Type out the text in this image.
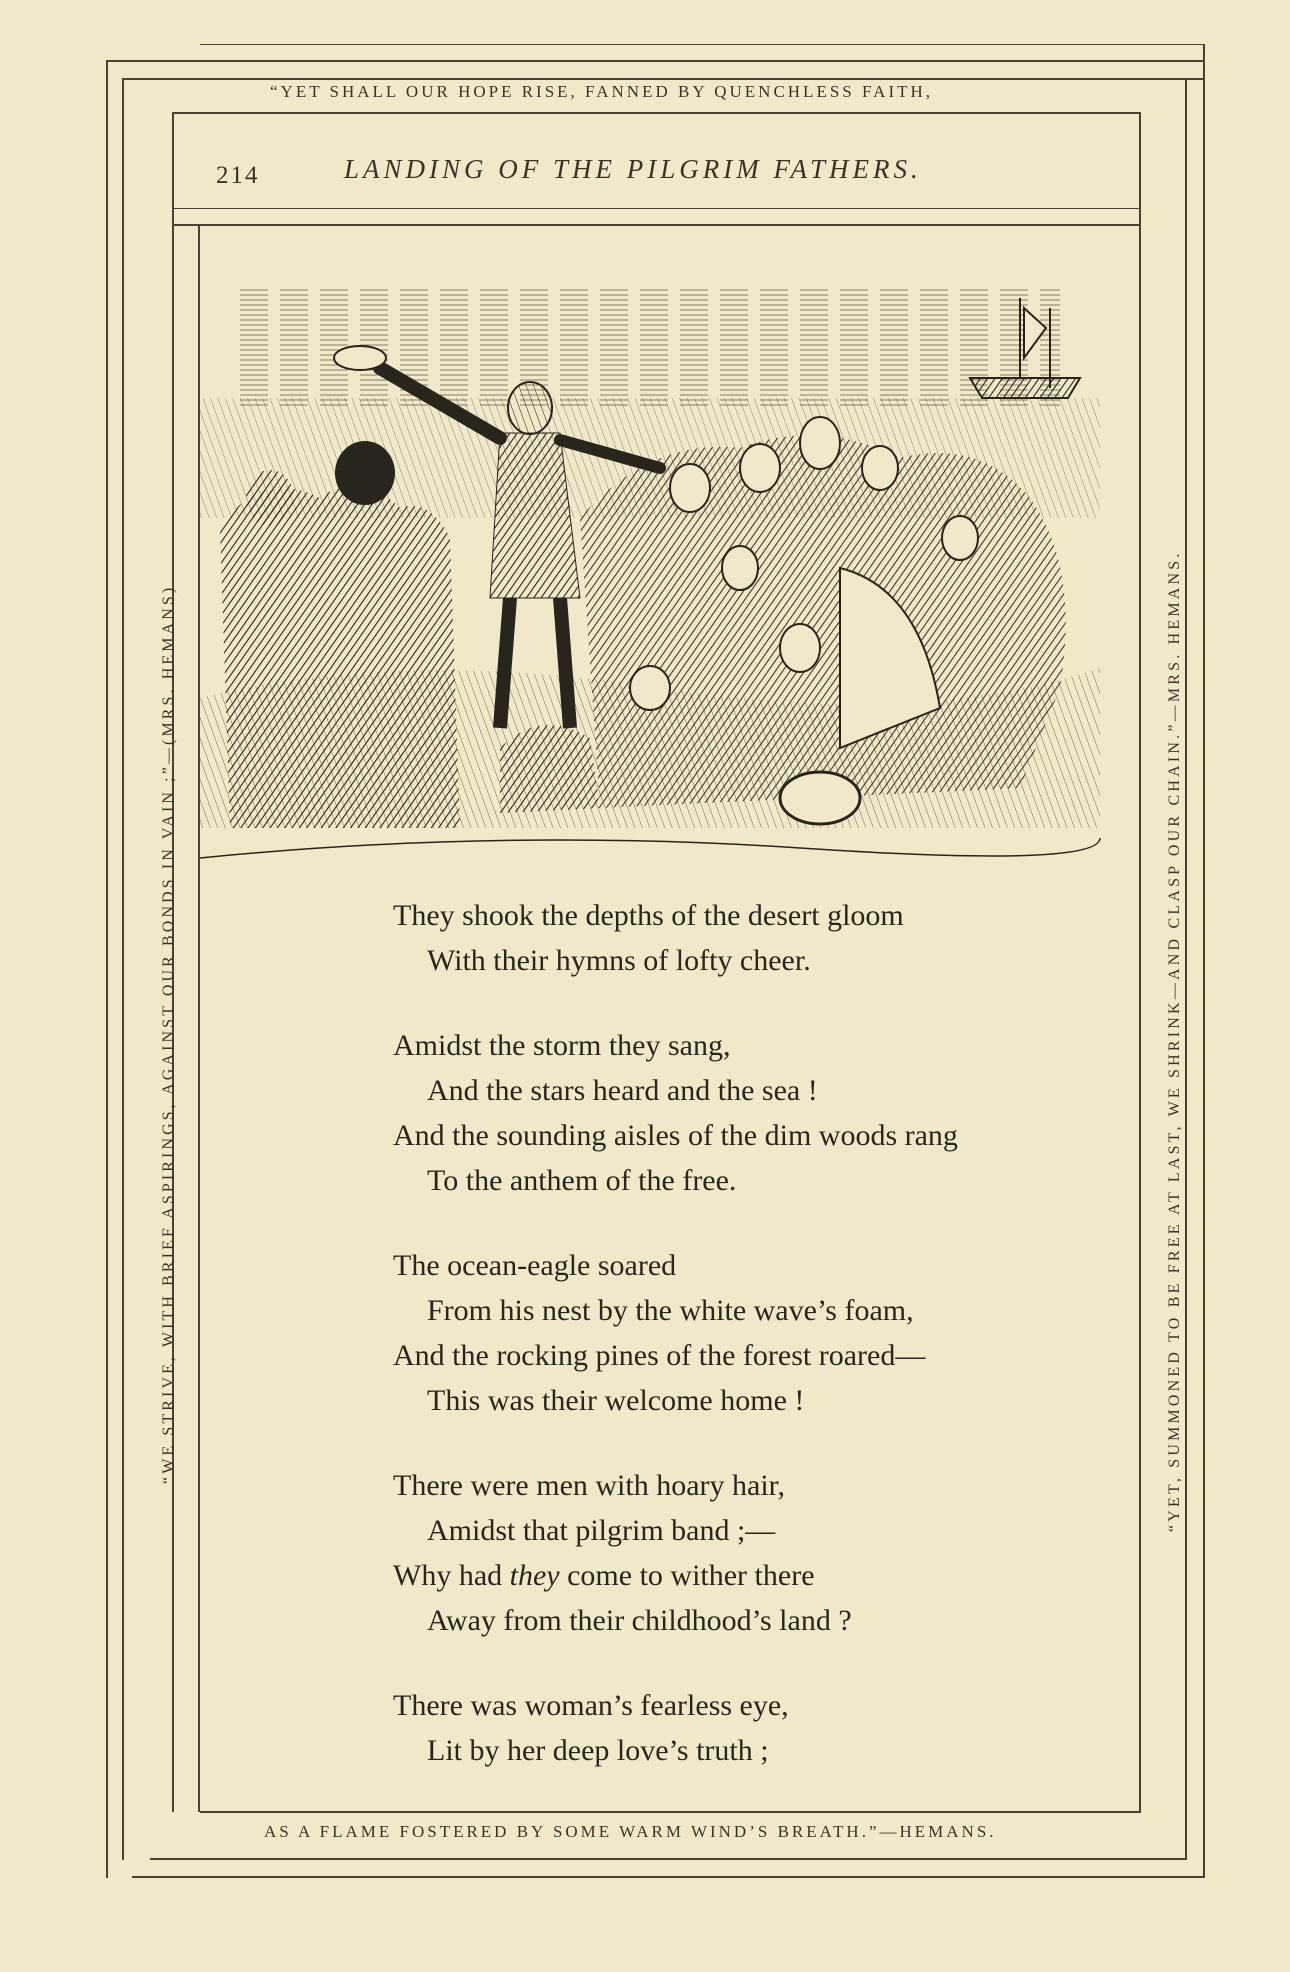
“YET SHALL OUR HOPE RISE, FANNED BY QUENCHLESS FAITH,
AS A FLAME FOSTERED BY SOME WARM WIND’S BREATH.”—HEMANS.
“WE STRIVE, WITH BRIEF ASPIRINGS, AGAINST OUR BONDS IN VAIN ;”—(MRS. HEMANS)	“YET, SUMMONED TO BE FREE AT LAST, WE SHRINK—AND CLASP OUR CHAIN.”—MRS. HEMANS.
214	LANDING OF THE PILGRIM FATHERS.
They shook the depths of the desert gloom
With their hymns of lofty cheer.
Amidst the storm they sang,
And the stars heard and the sea !
And the sounding aisles of the dim woods rang
To the anthem of the free.
The ocean-eagle soared
From his nest by the white wave’s foam,
And the rocking pines of the forest roared—
This was their welcome home !
There were men with hoary hair,
Amidst that pilgrim band ;—
Why had they come to wither there
Away from their childhood’s land ?
There was woman’s fearless eye,
Lit by her deep love’s truth ;
